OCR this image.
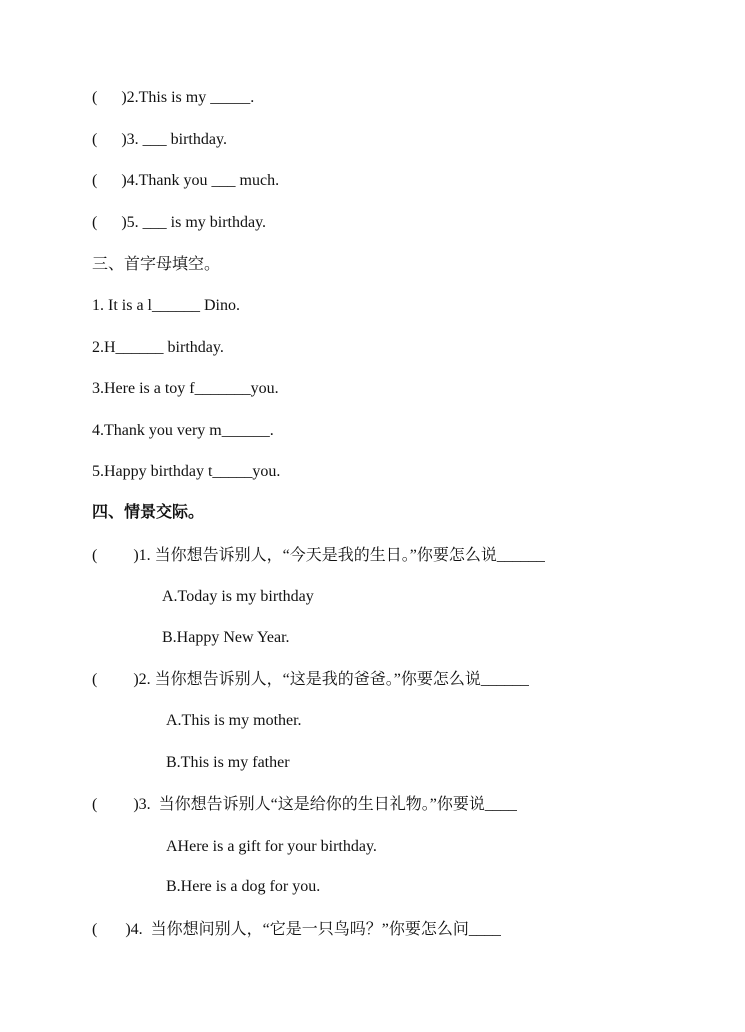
(      )2.This is my _____.
(      )3. ___ birthday.
(      )4.Thank you ___ much.
(      )5. ___ is my birthday.
三、首字母填空。
1. It is a l______ Dino.
2.H______ birthday.
3.Here is a toy f_______you.
4.Thank you very m______.
5.Happy birthday t_____you.
四、情景交际。
(         )1. 当你想告诉别人，“今天是我的生日。”你要怎么说______
A.Today is my birthday
B.Happy New Year.
(         )2. 当你想告诉别人，“这是我的爸爸。”你要怎么说______
A.This is my mother.
B.This is my father
(         )3.  当你想告诉别人“这是给你的生日礼物。”你要说____
AHere is a gift for your birthday.
B.Here is a dog for you.
(       )4.  当你想问别人，“它是一只鸟吗？”你要怎么问____
